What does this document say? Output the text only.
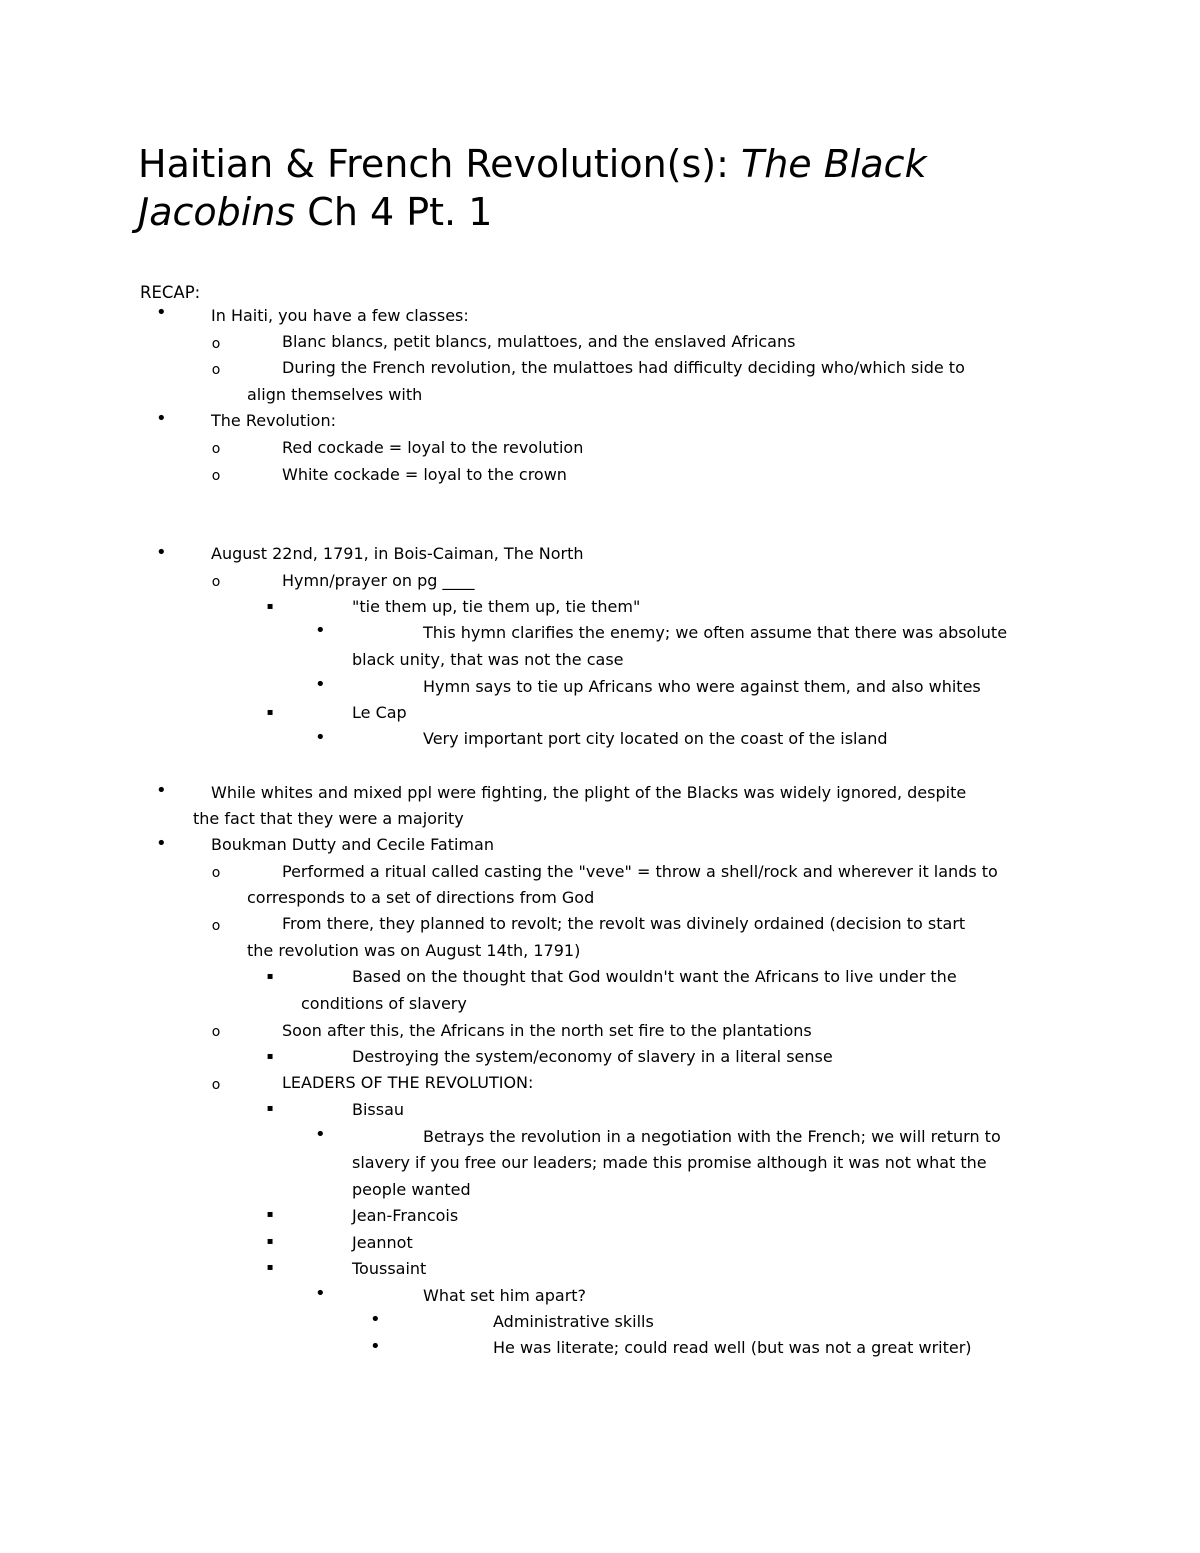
Haitian & French Revolution(s): The Black
Jacobins Ch 4 Pt. 1
RECAP:
•	In Haiti, you have a few classes:
o	Blanc blancs, petit blancs, mulattoes, and the enslaved Africans
o	During the French revolution, the mulattoes had difficulty deciding who/which side to
align themselves with
•	The Revolution:
o	Red cockade = loyal to the revolution
o	White cockade = loyal to the crown
•	August 22nd, 1791, in Bois-Caiman, The North
o	Hymn/prayer on pg ____
▪	"tie them up, tie them up, tie them"
•	This hymn clarifies the enemy; we often assume that there was absolute
black unity, that was not the case
•	Hymn says to tie up Africans who were against them, and also whites
▪	Le Cap
•	Very important port city located on the coast of the island
•	While whites and mixed ppl were fighting, the plight of the Blacks was widely ignored, despite
the fact that they were a majority
•	Boukman Dutty and Cecile Fatiman
o	Performed a ritual called casting the "veve" = throw a shell/rock and wherever it lands to
corresponds to a set of directions from God
o	From there, they planned to revolt; the revolt was divinely ordained (decision to start
the revolution was on August 14th, 1791)
▪	Based on the thought that God wouldn't want the Africans to live under the
conditions of slavery
o	Soon after this, the Africans in the north set fire to the plantations
▪	Destroying the system/economy of slavery in a literal sense
o	LEADERS OF THE REVOLUTION:
▪	Bissau
•	Betrays the revolution in a negotiation with the French; we will return to
slavery if you free our leaders; made this promise although it was not what the
people wanted
▪	Jean-Francois
▪	Jeannot
▪	Toussaint
•	What set him apart?
•	Administrative skills
•	He was literate; could read well (but was not a great writer)
